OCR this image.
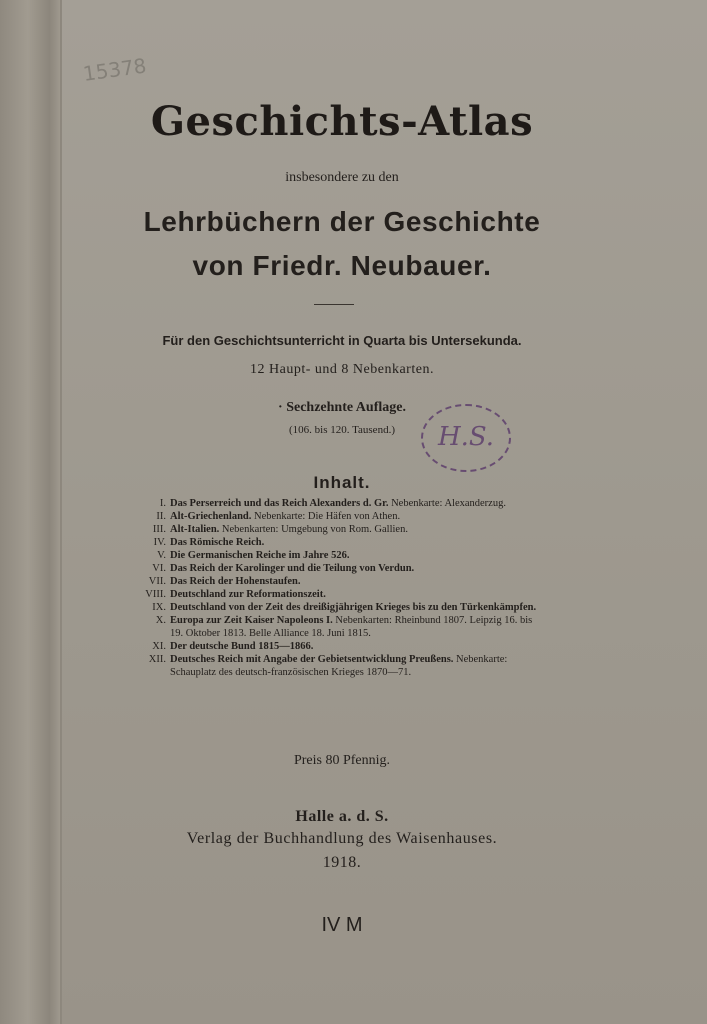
15378
Geschichts-Atlas
insbesondere zu den
Lehrbüchern der Geschichte
von Friedr. Neubauer.
Für den Geschichtsunterricht in Quarta bis Untersekunda.
12 Haupt- und 8 Nebenkarten.
· Sechzehnte Auflage.
(106. bis 120. Tausend.)	H.S.
Inhalt.
I. Das Perserreich und das Reich Alexanders d. Gr. Nebenkarte: Alexanderzug.
II. Alt-Griechenland. Nebenkarte: Die Häfen von Athen.
III. Alt-Italien. Nebenkarten: Umgebung von Rom. Gallien.
IV. Das Römische Reich.
V. Die Germanischen Reiche im Jahre 526.
VI. Das Reich der Karolinger und die Teilung von Verdun.
VII. Das Reich der Hohenstaufen.
VIII. Deutschland zur Reformationszeit.
IX. Deutschland von der Zeit des dreißigjährigen Krieges bis zu den Türkenkämpfen.
X. Europa zur Zeit Kaiser Napoleons I. Nebenkarten: Rheinbund 1807. Leipzig 16. bis 19. Oktober 1813. Belle Alliance 18. Juni 1815.
XI. Der deutsche Bund 1815—1866.
XII. Deutsches Reich mit Angabe der Gebietsentwicklung Preußens. Nebenkarte: Schauplatz des deutsch-französischen Krieges 1870—71.
Preis 80 Pfennig.
Halle a. d. S.
Verlag der Buchhandlung des Waisenhauses.
1918.
IV M
